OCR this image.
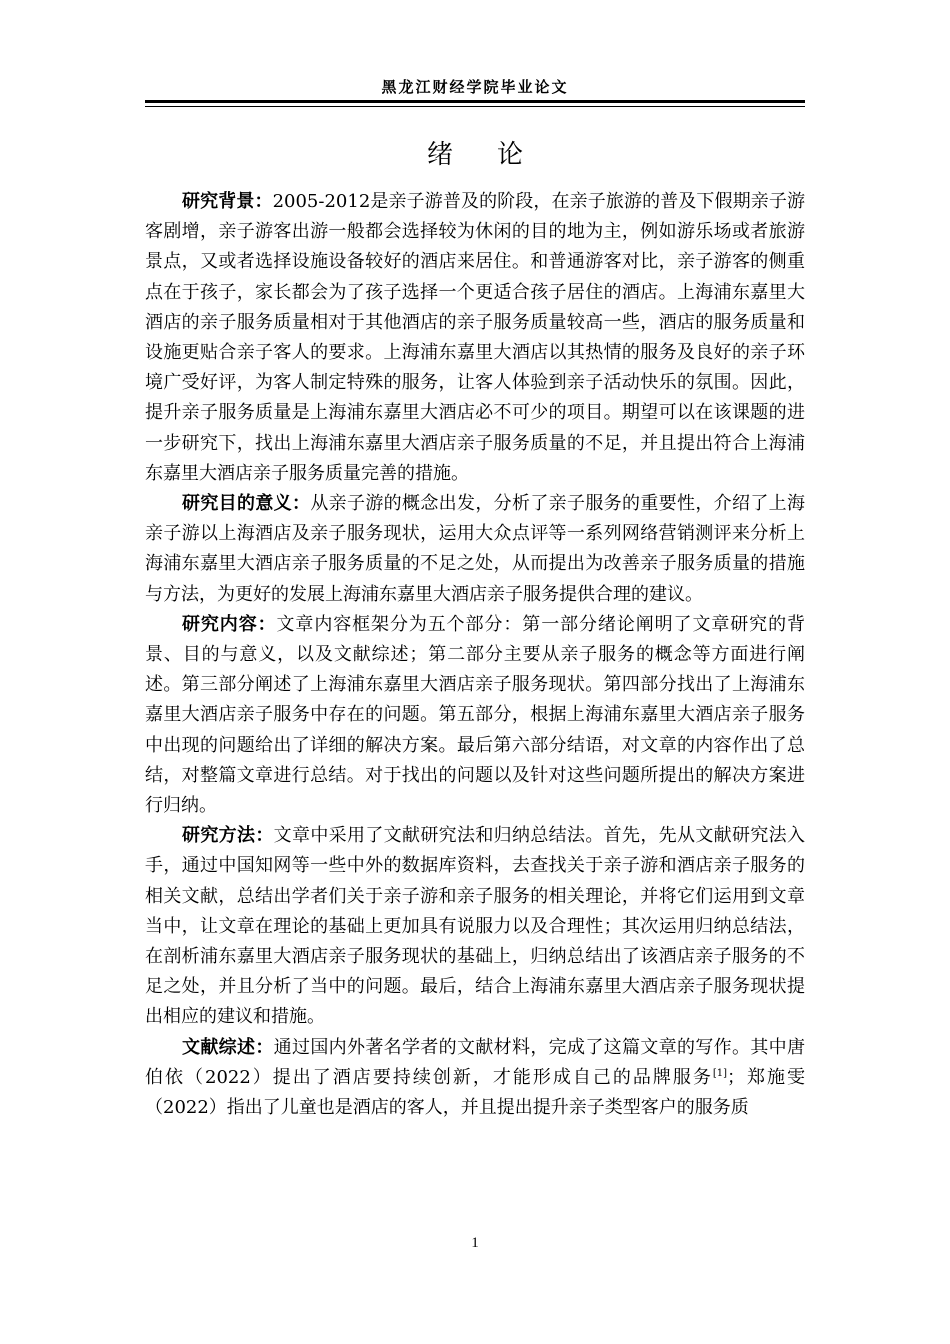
黑龙江财经学院毕业论文
绪论

研究背景：2005-2012是亲子游普及的阶段，在亲子旅游的普及下假期亲子游客剧增，亲子游客出游一般都会选择较为休闲的目的地为主，例如游乐场或者旅游景点，又或者选择设施设备较好的酒店来居住。和普通游客对比，亲子游客的侧重点在于孩子，家长都会为了孩子选择一个更适合孩子居住的酒店。上海浦东嘉里大酒店的亲子服务质量相对于其他酒店的亲子服务质量较高一些，酒店的服务质量和设施更贴合亲子客人的要求。上海浦东嘉里大酒店以其热情的服务及良好的亲子环境广受好评，为客人制定特殊的服务，让客人体验到亲子活动快乐的氛围。因此，提升亲子服务质量是上海浦东嘉里大酒店必不可少的项目。期望可以在该课题的进一步研究下，找出上海浦东嘉里大酒店亲子服务质量的不足，并且提出符合上海浦东嘉里大酒店亲子服务质量完善的措施。

研究目的意义：从亲子游的概念出发，分析了亲子服务的重要性，介绍了上海亲子游以上海酒店及亲子服务现状，运用大众点评等一系列网络营销测评来分析上海浦东嘉里大酒店亲子服务质量的不足之处，从而提出为改善亲子服务质量的措施与方法，为更好的发展上海浦东嘉里大酒店亲子服务提供合理的建议。

研究内容：文章内容框架分为五个部分：第一部分绪论阐明了文章研究的背景、目的与意义，以及文献综述；第二部分主要从亲子服务的概念等方面进行阐述。第三部分阐述了上海浦东嘉里大酒店亲子服务现状。第四部分找出了上海浦东嘉里大酒店亲子服务中存在的问题。第五部分，根据上海浦东嘉里大酒店亲子服务中出现的问题给出了详细的解决方案。最后第六部分结语，对文章的内容作出了总结，对整篇文章进行总结。对于找出的问题以及针对这些问题所提出的解决方案进行归纳。

研究方法：文章中采用了文献研究法和归纳总结法。首先，先从文献研究法入手，通过中国知网等一些中外的数据库资料，去查找关于亲子游和酒店亲子服务的相关文献，总结出学者们关于亲子游和亲子服务的相关理论，并将它们运用到文章当中，让文章在理论的基础上更加具有说服力以及合理性；其次运用归纳总结法，在剖析浦东嘉里大酒店亲子服务现状的基础上，归纳总结出了该酒店亲子服务的不足之处，并且分析了当中的问题。最后，结合上海浦东嘉里大酒店亲子服务现状提出相应的建议和措施。

文献综述：通过国内外著名学者的文献材料，完成了这篇文章的写作。其中唐伯依（2022）提出了酒店要持续创新，才能形成自己的品牌服务[1]；郑施雯（2022）指出了儿童也是酒店的客人，并且提出提升亲子类型客户的服务质

1
